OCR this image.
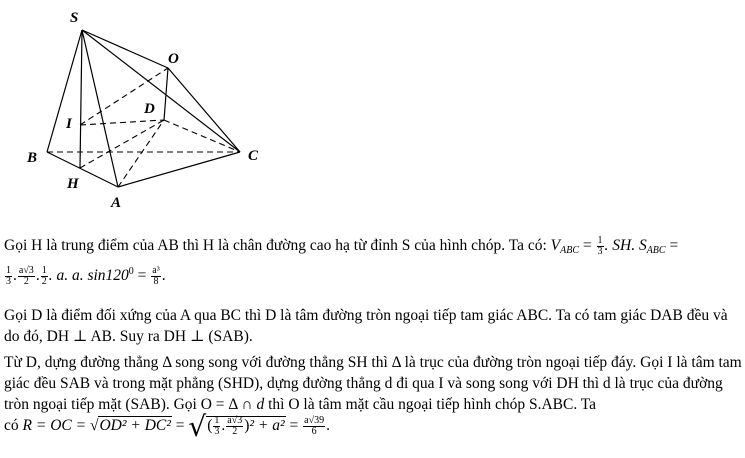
S
O
I
D
B	C
H
A
Gọi H là trung điểm của AB thì H là chân đường cao hạ từ đỉnh S của hình chóp. Ta có: $V_{ABC} = \frac{1}{3}$ . SH. $S_{ABC}$ =

$\frac{1}{3}$ . $\frac{a√3}{2}$ . $\frac{1}{2}$ . a. a. $\sin 120^0 = \frac{\text{a³}}{8}$ .
Gọi D là điểm đối xứng của A qua BC thì D là tâm đường tròn ngoại tiếp tam giác ABC. Ta có tam giác DAB đều và do đó, DH ⊥ AB. Suy ra DH ⊥ (SAB).
Từ D, dựng đường thẳng Δ song song với đường thẳng SH thì Δ là trục của đường tròn ngoại tiếp đáy. Gọi I là tâm tam giác đều SAB và trong mặt phẳng (SHD), dựng đường thẳng d đi qua I và song song với DH thì d là trục của đường tròn ngoại tiếp mặt (SAB). Gọi O = Δ ∩ d thì O là tâm mặt cầu ngoại tiếp hình chóp S.ABC. Ta
có R = OC = √OD² + DC² = √( $\frac{1}{3}$ . $\frac{a√3}{2} )^2 + a^2 = \frac{a√39}{6}$ .
